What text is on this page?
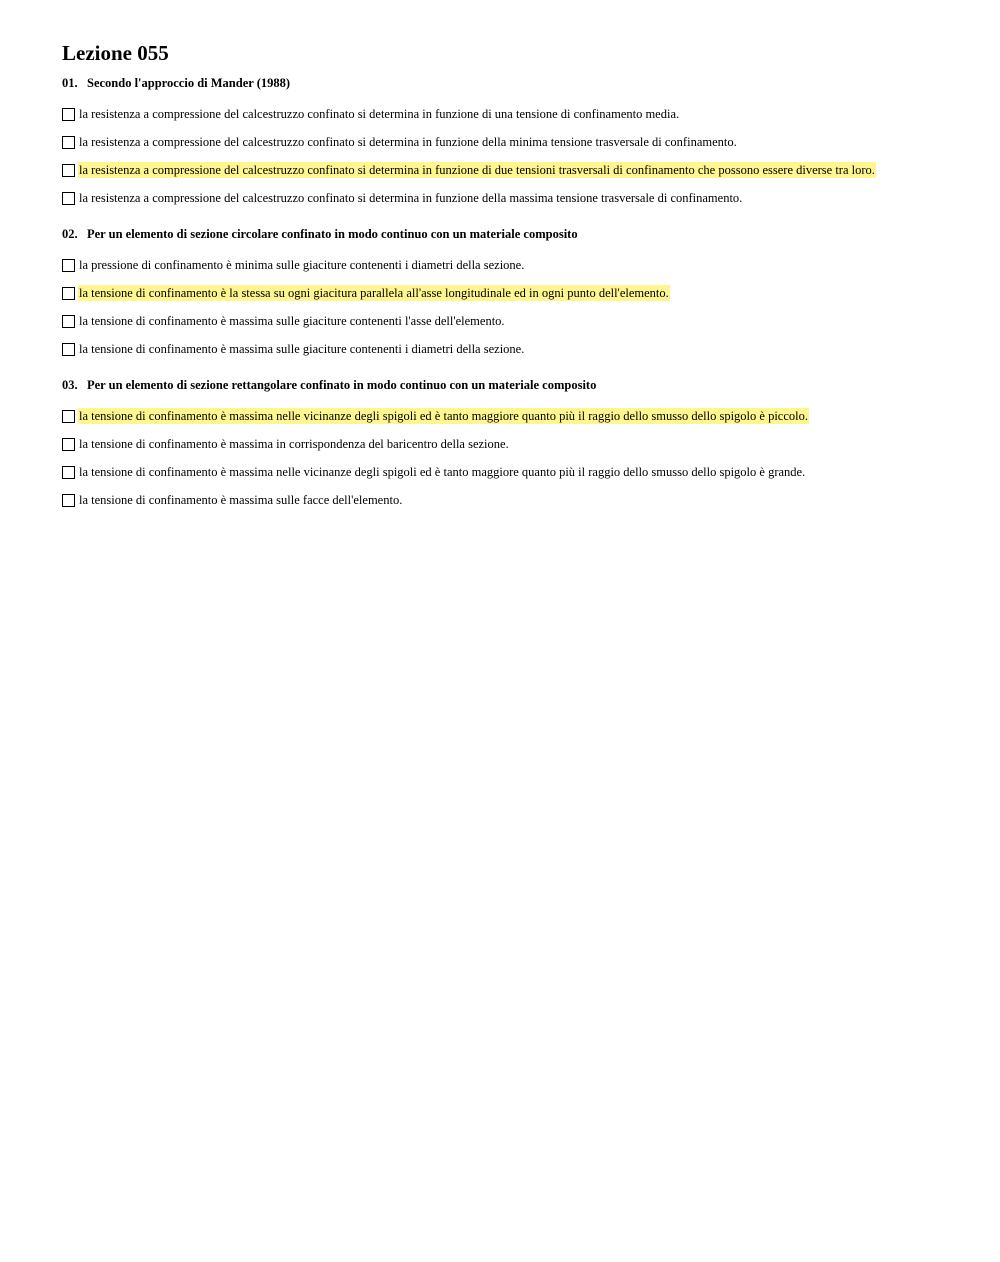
Lezione 055
01. Secondo l'approccio di Mander (1988)
la resistenza a compressione del calcestruzzo confinato si determina in funzione di una tensione di confinamento media.
la resistenza a compressione del calcestruzzo confinato si determina in funzione della minima tensione trasversale di confinamento.
la resistenza a compressione del calcestruzzo confinato si determina in funzione di due tensioni trasversali di confinamento che possono essere diverse tra loro.
la resistenza a compressione del calcestruzzo confinato si determina in funzione della massima tensione trasversale di confinamento.
02. Per un elemento di sezione circolare confinato in modo continuo con un materiale composito
la pressione di confinamento è minima sulle giaciture contenenti i diametri della sezione.
la tensione di confinamento è la stessa su ogni giacitura parallela all'asse longitudinale ed in ogni punto dell'elemento.
la tensione di confinamento è massima sulle giaciture contenenti l'asse dell'elemento.
la tensione di confinamento è massima sulle giaciture contenenti i diametri della sezione.
03. Per un elemento di sezione rettangolare confinato in modo continuo con un materiale composito
la tensione di confinamento è massima nelle vicinanze degli spigoli ed è tanto maggiore quanto più il raggio dello smusso dello spigolo è piccolo.
la tensione di confinamento è massima in corrispondenza del baricentro della sezione.
la tensione di confinamento è massima nelle vicinanze degli spigoli ed è tanto maggiore quanto più il raggio dello smusso dello spigolo è grande.
la tensione di confinamento è massima sulle facce dell'elemento.
